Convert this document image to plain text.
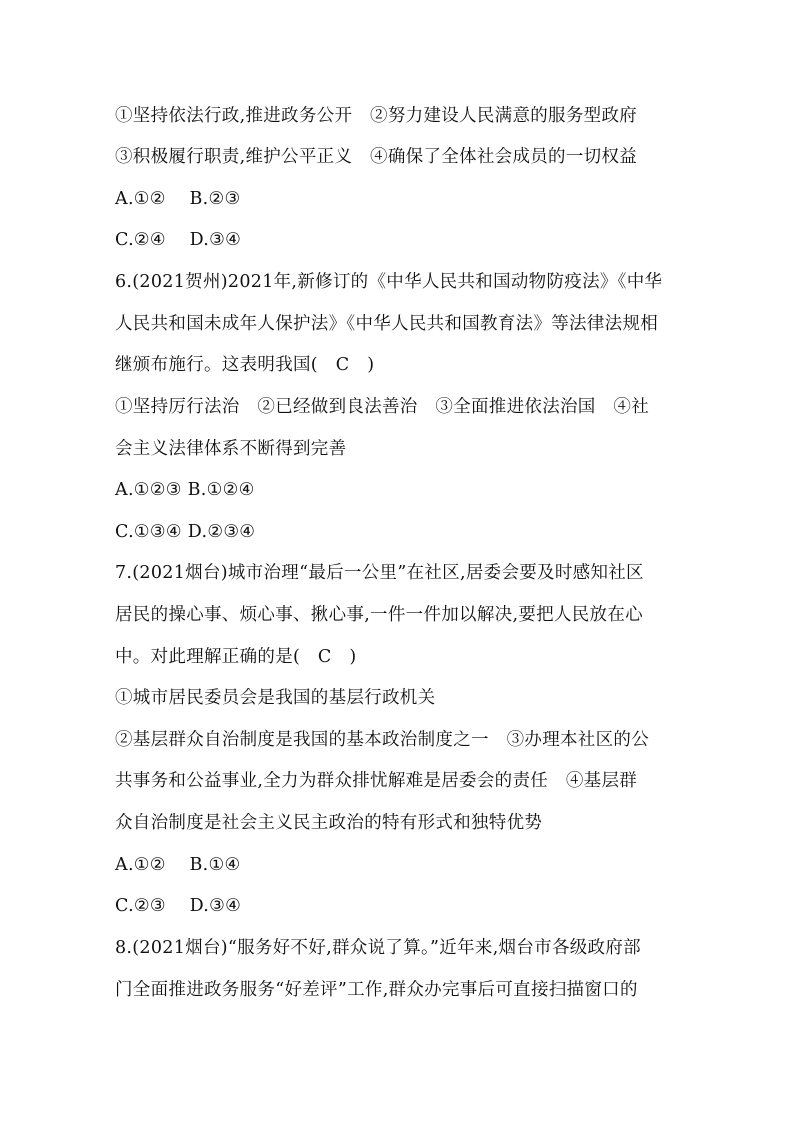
①坚持依法行政,推进政务公开　②努力建设人民满意的服务型政府
③积极履行职责,维护公平正义　④确保了全体社会成员的一切权益
A.①②　 B.②③
C.②④　 D.③④
6.(2021贺州)2021年,新修订的《中华人民共和国动物防疫法》《中华
人民共和国未成年人保护法》《中华人民共和国教育法》等法律法规相
继颁布施行。这表明我国(　C　)
①坚持厉行法治　②已经做到良法善治　③全面推进依法治国　④社
会主义法律体系不断得到完善
A.①②③ B.①②④
C.①③④ D.②③④
7.(2021烟台)城市治理“最后一公里”在社区,居委会要及时感知社区
居民的操心事、烦心事、揪心事,一件一件加以解决,要把人民放在心
中。对此理解正确的是(　C　)
①城市居民委员会是我国的基层行政机关
②基层群众自治制度是我国的基本政治制度之一　③办理本社区的公
共事务和公益事业,全力为群众排忧解难是居委会的责任　④基层群
众自治制度是社会主义民主政治的特有形式和独特优势
A.①②　 B.①④
C.②③　 D.③④
8.(2021烟台)“服务好不好,群众说了算。”近年来,烟台市各级政府部
门全面推进政务服务“好差评”工作,群众办完事后可直接扫描窗口的
